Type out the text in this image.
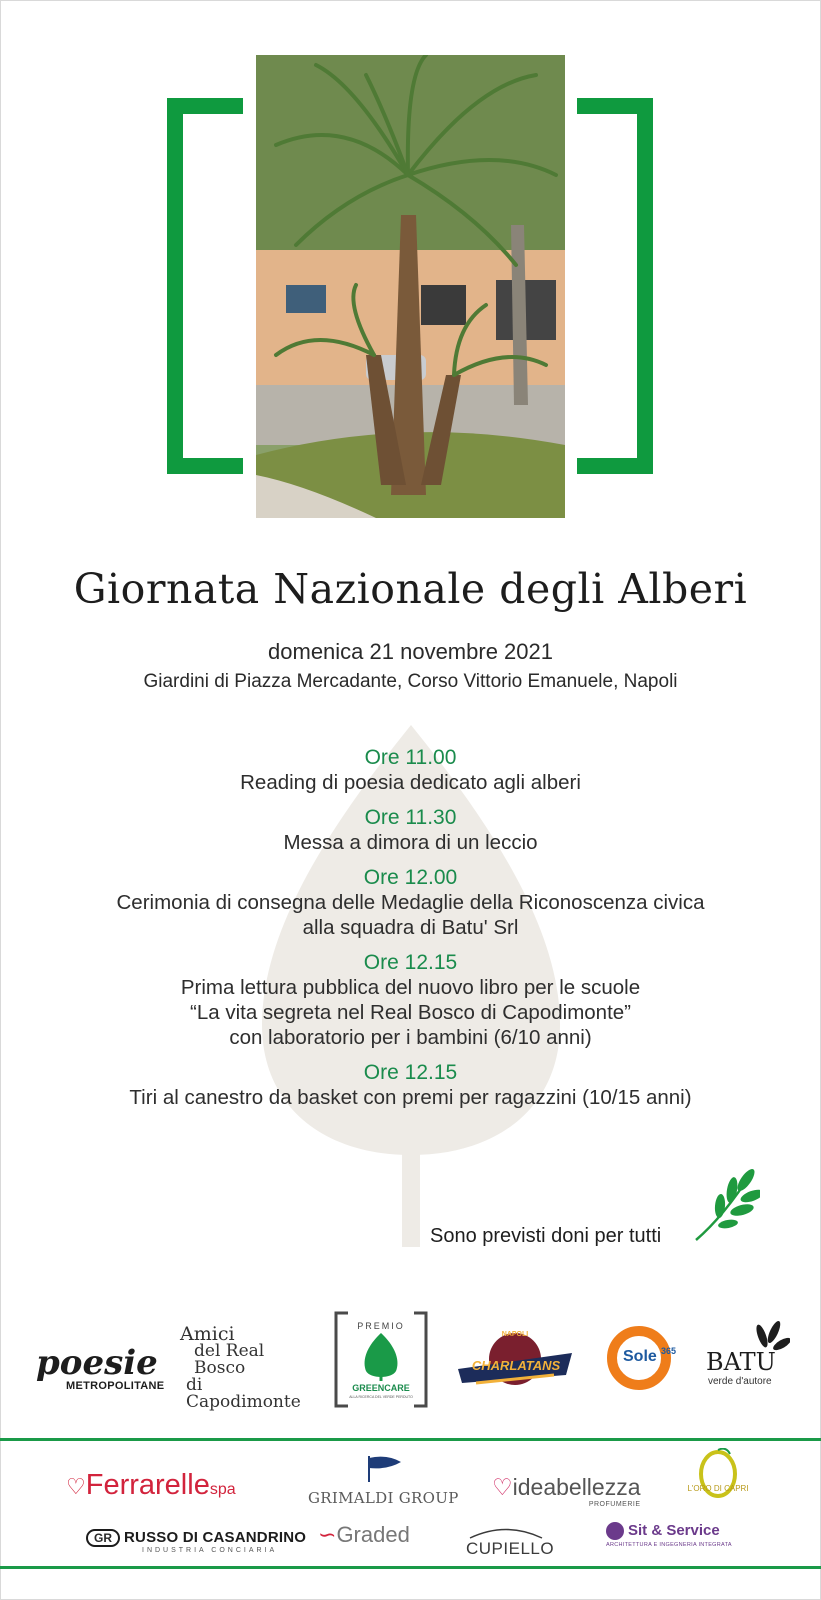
Giornata Nazionale degli Alberi
domenica 21 novembre 2021
Giardini di Piazza Mercadante, Corso Vittorio Emanuele, Napoli
Ore 11.00
Reading di poesia dedicato agli alberi
Ore 11.30
Messa a dimora di un leccio
Ore 12.00
Cerimonia di consegna delle Medaglie della Riconoscenza civica
alla squadra di Batu' Srl
Ore 12.15
Prima lettura pubblica del nuovo libro per le scuole
“La vita segreta nel Real Bosco di Capodimonte”
con laboratorio per i bambini (6/10 anni)
Ore 12.15
Tiri al canestro da basket con premi per ragazzini (10/15 anni)
Sono previsti doni per tutti
poesie
METROPOLITANE
Amici
del Real Bosco
di Capodimonte
PREMIO
GREENCARE
ALLA RICERCA DEL VERDE PERDUTO
NAPOLI
CHARLATANS
Sole 365 BATU
verde d'autore
♡Ferrarellespa	GRIMALDI GROUP ♡ideabellezza
PROFUMERIE
L'ORO DI CAPRI
GR RUSSO DI CASANDRINO
INDUSTRIA CONCIARIA
∽Graded
CUPIELLO
Sit & Service
ARCHITETTURA E INGEGNERIA INTEGRATA
